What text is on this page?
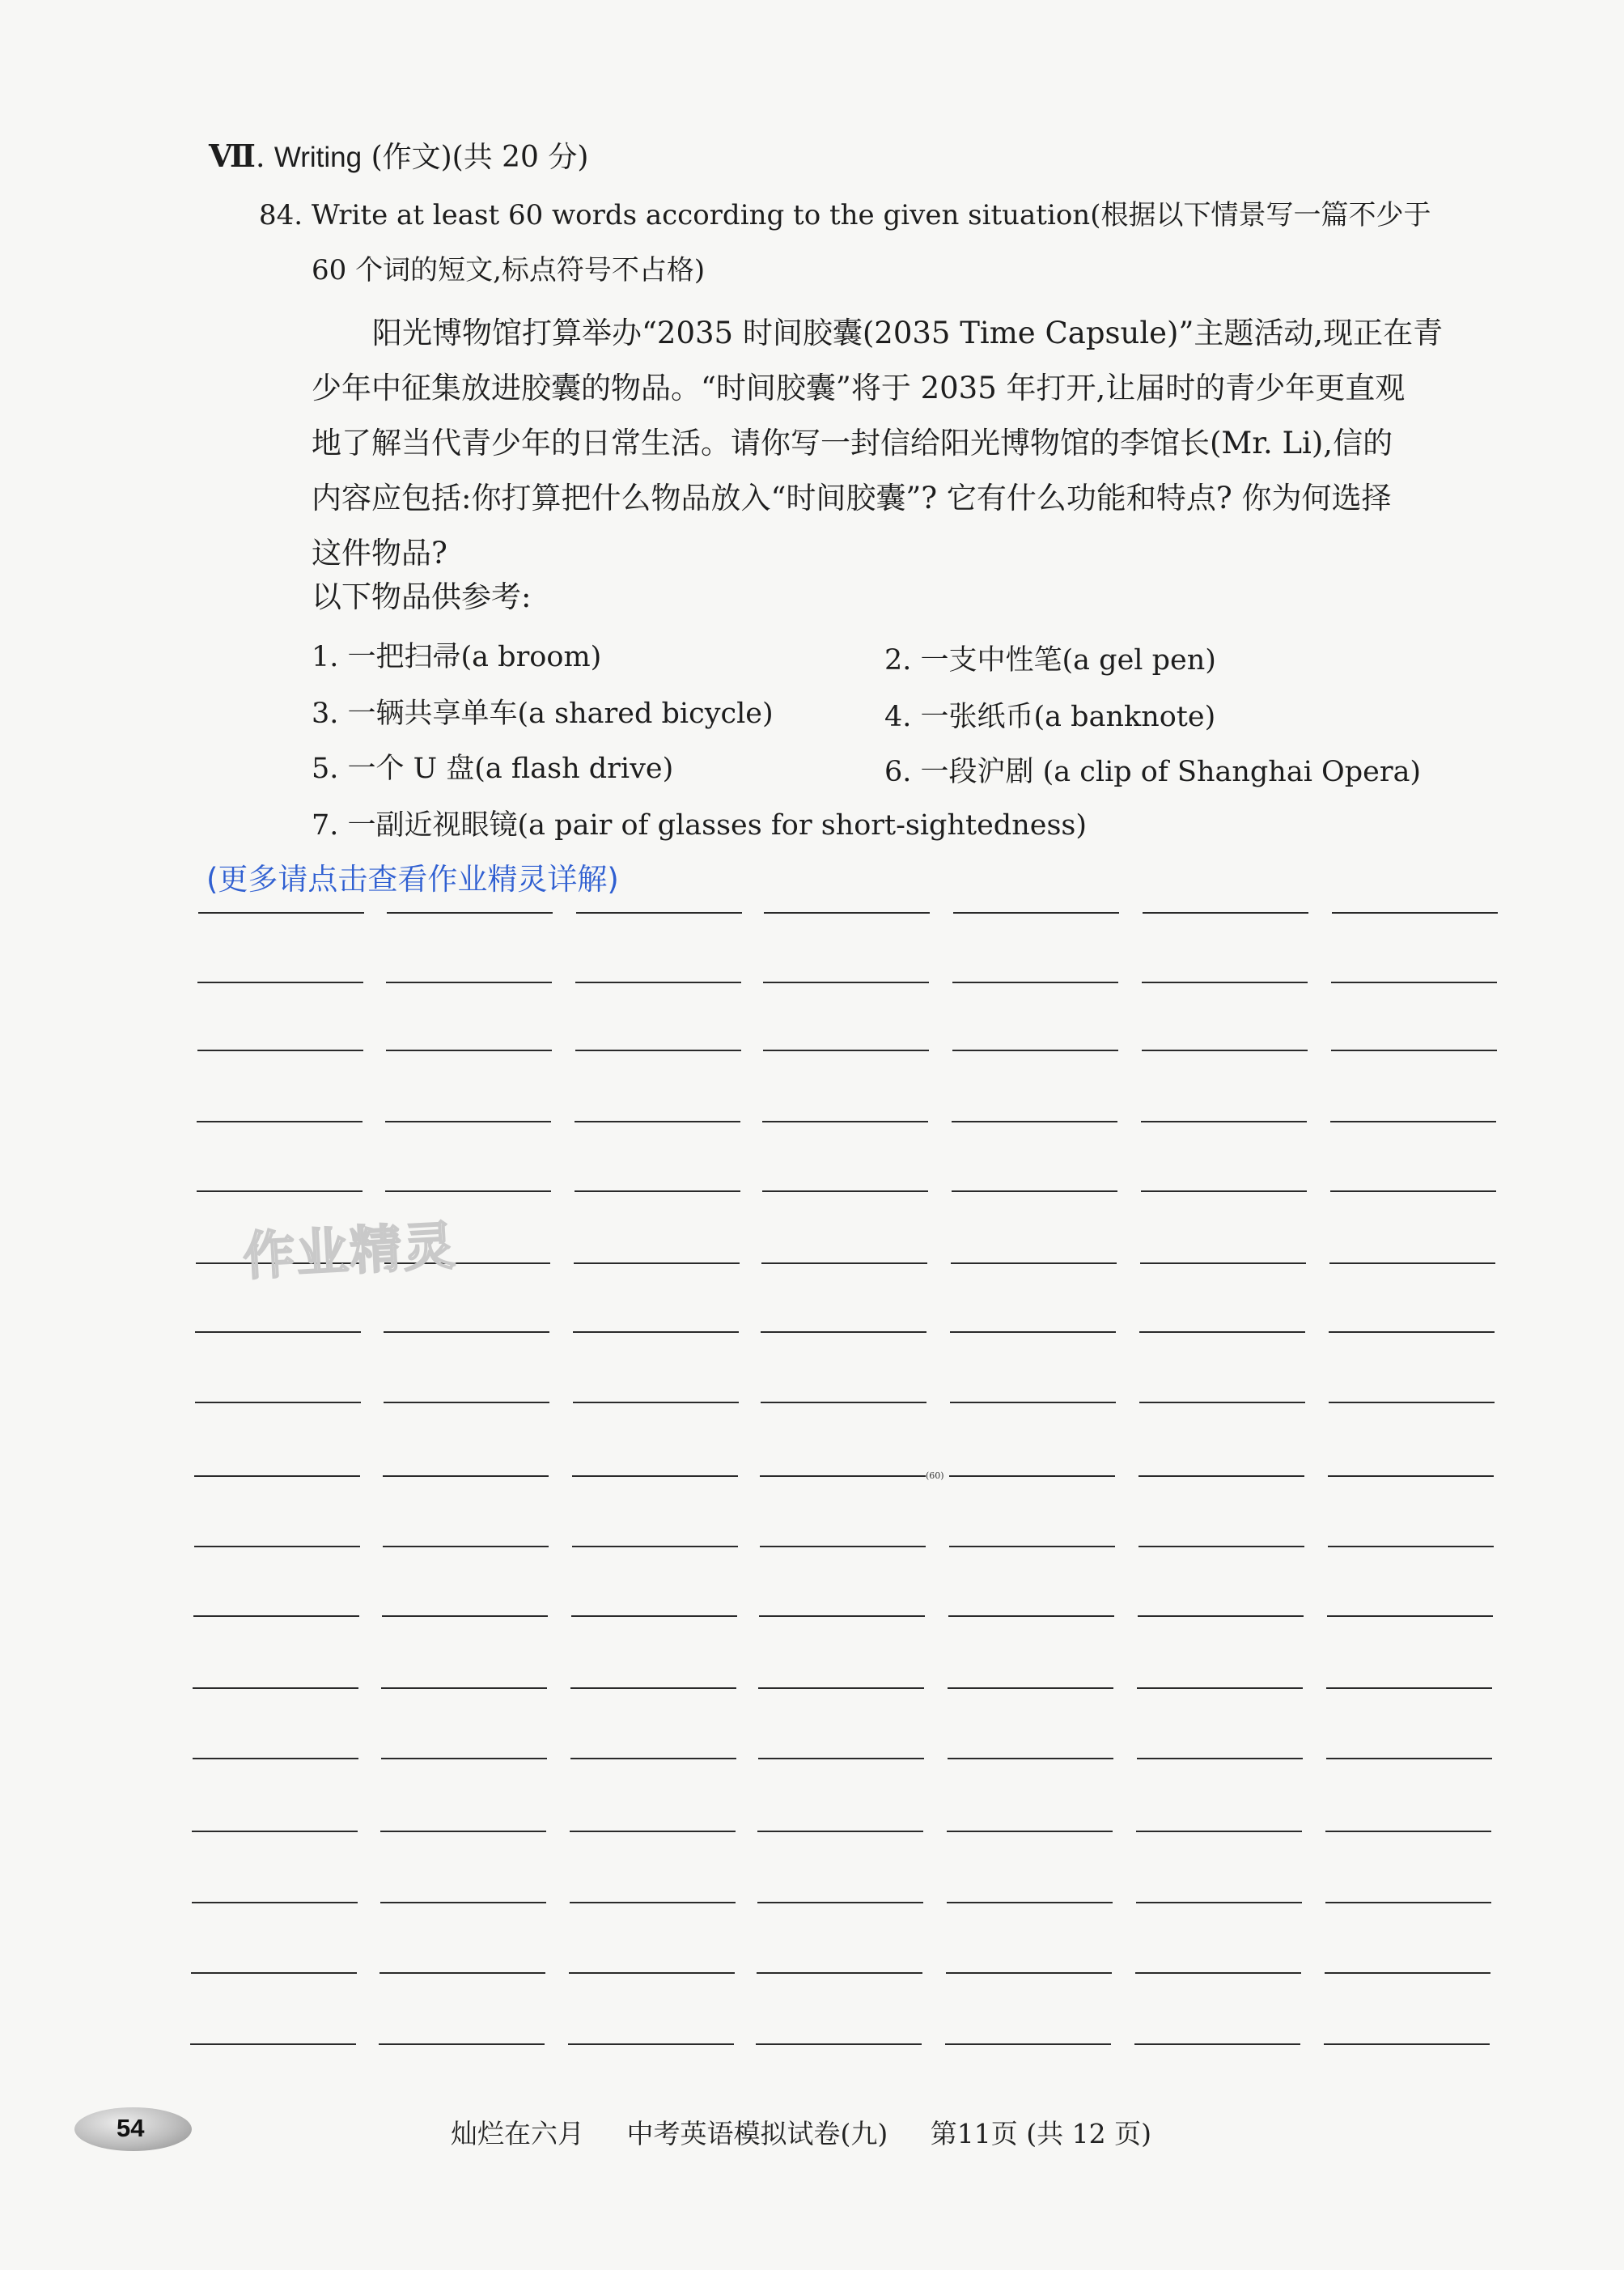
Ⅶ. Writing (作文)(共 20 分)
84. Write at least 60 words according to the given situation(根据以下情景写一篇不少于
60 个词的短文,标点符号不占格)
阳光博物馆打算举办“2035 时间胶囊(2035 Time Capsule)”主题活动,现正在青
少年中征集放进胶囊的物品。“时间胶囊”将于 2035 年打开,让届时的青少年更直观
地了解当代青少年的日常生活。请你写一封信给阳光博物馆的李馆长(Mr. Li),信的
内容应包括:你打算把什么物品放入“时间胶囊”? 它有什么功能和特点? 你为何选择
这件物品?
以下物品供参考:
1. 一把扫帚(a broom)	2. 一支中性笔(a gel pen)
3. 一辆共享单车(a shared bicycle)	4. 一张纸币(a banknote)
5. 一个 U 盘(a flash drive)	6. 一段沪剧 (a clip of Shanghai Opera)
7. 一副近视眼镜(a pair of glasses for short-sightedness)
(更多请点击查看作业精灵详解)
作业精灵
(60)
54	灿烂在六月 中考英语模拟试卷(九) 第11页 (共 12 页)
